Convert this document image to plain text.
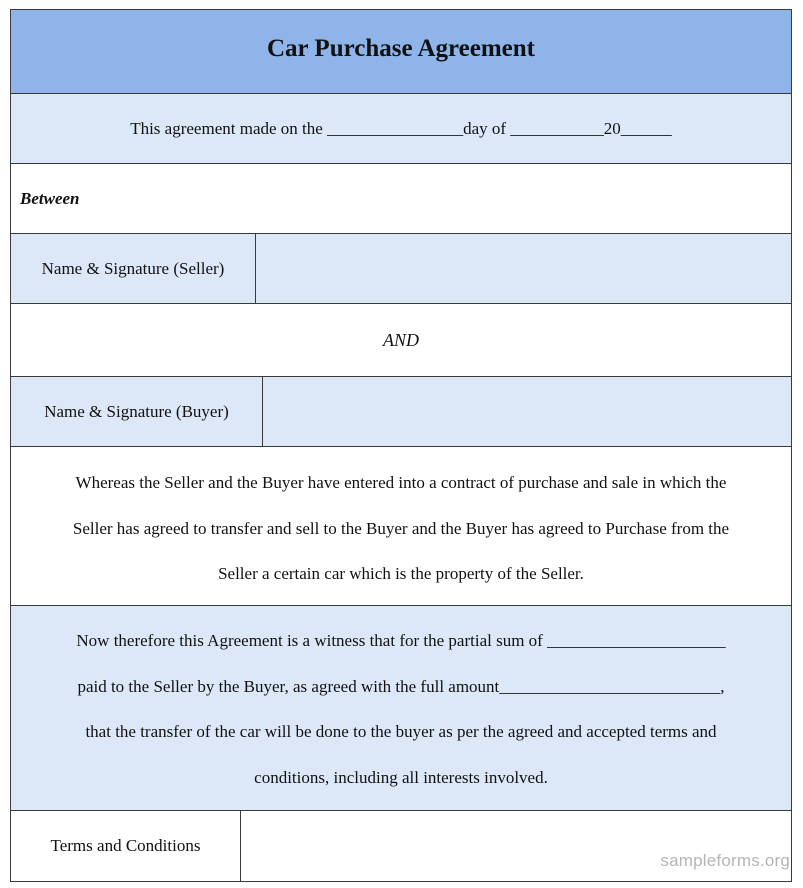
Car Purchase Agreement
This agreement made on the
________________ day of
___________ 20 ______
Between
Name & Signature (Seller)
AND
Name & Signature (Buyer)
Whereas the Seller and the Buyer have entered into a contract of purchase and sale in which the
Seller has agreed to transfer and sell to the Buyer and the Buyer has agreed to Purchase from the
Seller a certain car which is the property of the Seller.
Now therefore this Agreement is a witness that for the partial sum of _____________________
paid to the Seller by the Buyer, as agreed with the full amount__________________________,
that the transfer of the car will be done to the buyer as per the agreed and accepted terms and
conditions, including all interests involved.
Terms and Conditions
sampleforms.org
